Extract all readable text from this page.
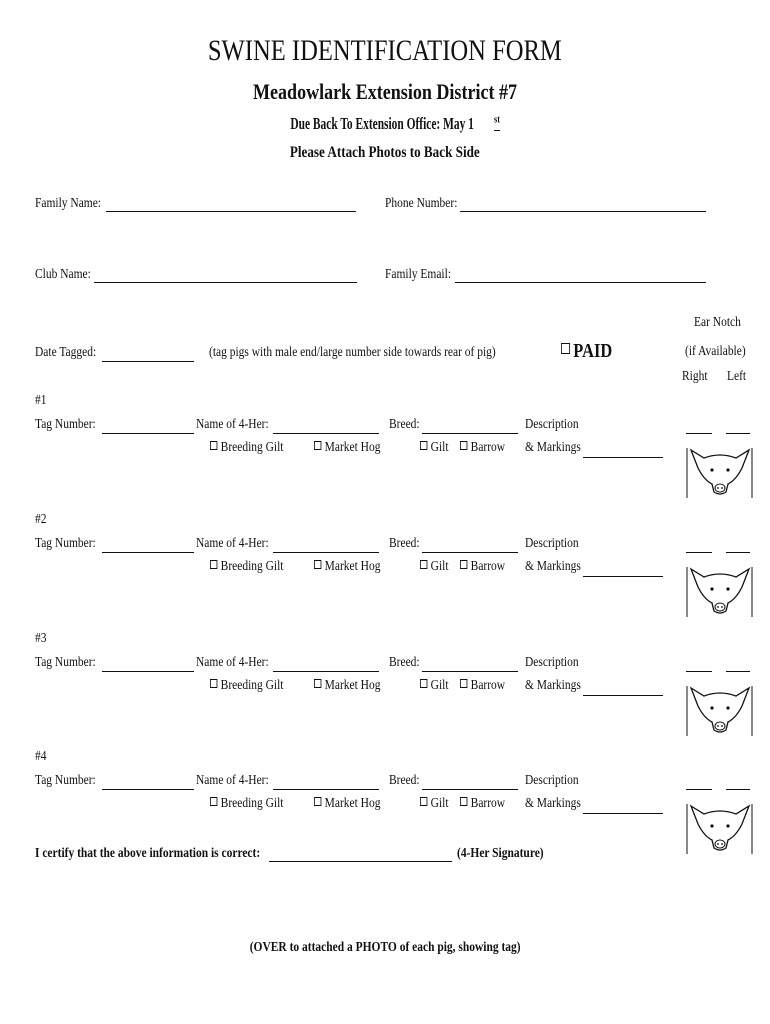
SWINE IDENTIFICATION FORM
Meadowlark Extension District #7
Due Back To Extension Office: May 1 $^{st}$
Please Attach Photos to Back Side
Family Name:	Phone Number:
Club Name:	Family Email:
Ear Notch
(if Available)
Right Left
Date Tagged:	(tag pigs with male end/large number side towards rear of pig)	PAID
#1
Tag Number:	Name of 4-Her:	Breed:	Description
Breeding Gilt	Market Hog	Gilt	Barrow & Markings
#2
Tag Number:	Name of 4-Her:	Breed:	Description
Breeding Gilt	Market Hog	Gilt	Barrow & Markings
#3
Tag Number:	Name of 4-Her:	Breed:	Description
Breeding Gilt	Market Hog	Gilt	Barrow & Markings
#4
Tag Number:	Name of 4-Her:	Breed:	Description
Breeding Gilt	Market Hog	Gilt	Barrow & Markings
I certify that the above information is correct:	(4-Her Signature)
(OVER to attached a PHOTO of each pig, showing tag)
